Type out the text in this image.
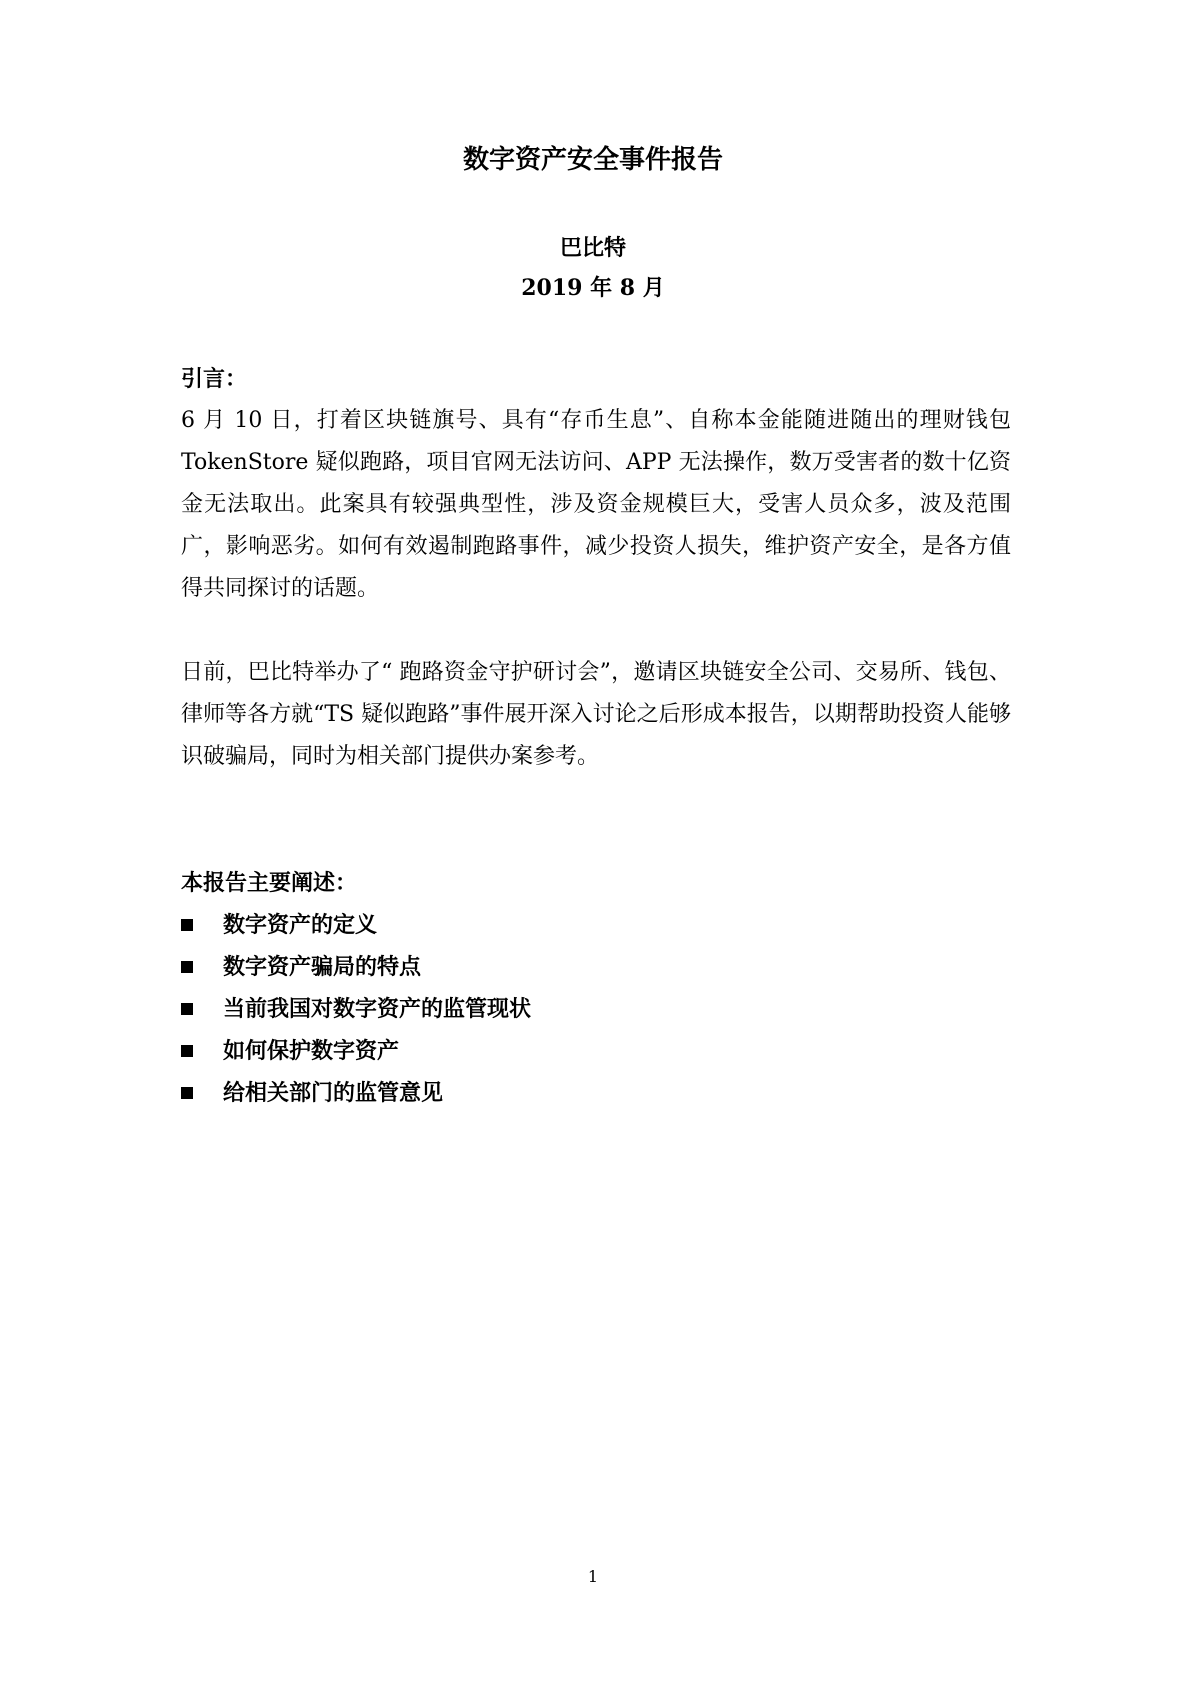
数字资产安全事件报告
巴比特
2019 年 8 月
引言：
6 月 10 日，打着区块链旗号、具有“存币生息”、自称本金能随进随出的理财钱包 TokenStore 疑似跑路，项目官网无法访问、APP 无法操作，数万受害者的数十亿资金无法取出。此案具有较强典型性，涉及资金规模巨大，受害人员众多，波及范围广，影响恶劣。如何有效遏制跑路事件，减少投资人损失，维护资产安全，是各方值得共同探讨的话题。
日前，巴比特举办了“ 跑路资金守护研讨会”，邀请区块链安全公司、交易所、钱包、律师等各方就“TS 疑似跑路”事件展开深入讨论之后形成本报告，以期帮助投资人能够识破骗局，同时为相关部门提供办案参考。
本报告主要阐述：
数字资产的定义
数字资产骗局的特点
当前我国对数字资产的监管现状
如何保护数字资产
给相关部门的监管意见
1
